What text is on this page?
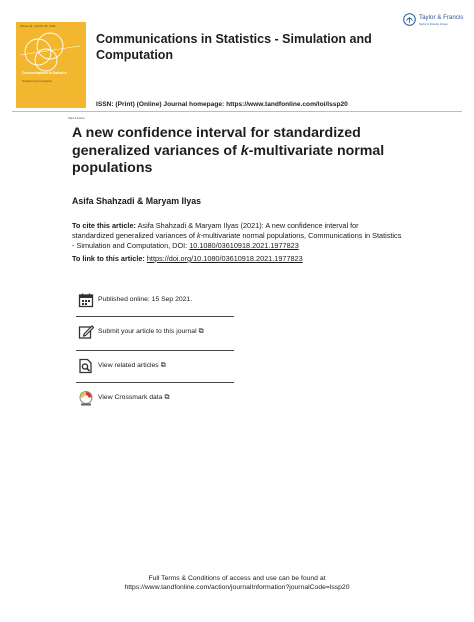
Volume 44 - Number 48 - 2015
Communications in Statistics
Simulation and Computation
Taylor & Francis
Communications in Statistics - Simulation and Computation
ISSN: (Print) (Online) Journal homepage: https://www.tandfonline.com/loi/lssp20
Taylor & Francis
Taylor & Francis Group
A new confidence interval for standardized generalized variances of k-multivariate normal populations
Asifa Shahzadi & Maryam Ilyas
To cite this article: Asifa Shahzadi & Maryam Ilyas (2021): A new confidence interval for standardized generalized variances of k-multivariate normal populations, Communications in Statistics - Simulation and Computation, DOI: 10.1080/03610918.2021.1977823
To link to this article: https://doi.org/10.1080/03610918.2021.1977823
Published online: 15 Sep 2021.
Submit your article to this journal ⧉
View related articles ⧉
View Crossmark data ⧉
Full Terms & Conditions of access and use can be found at
https://www.tandfonline.com/action/journalInformation?journalCode=lssp20
